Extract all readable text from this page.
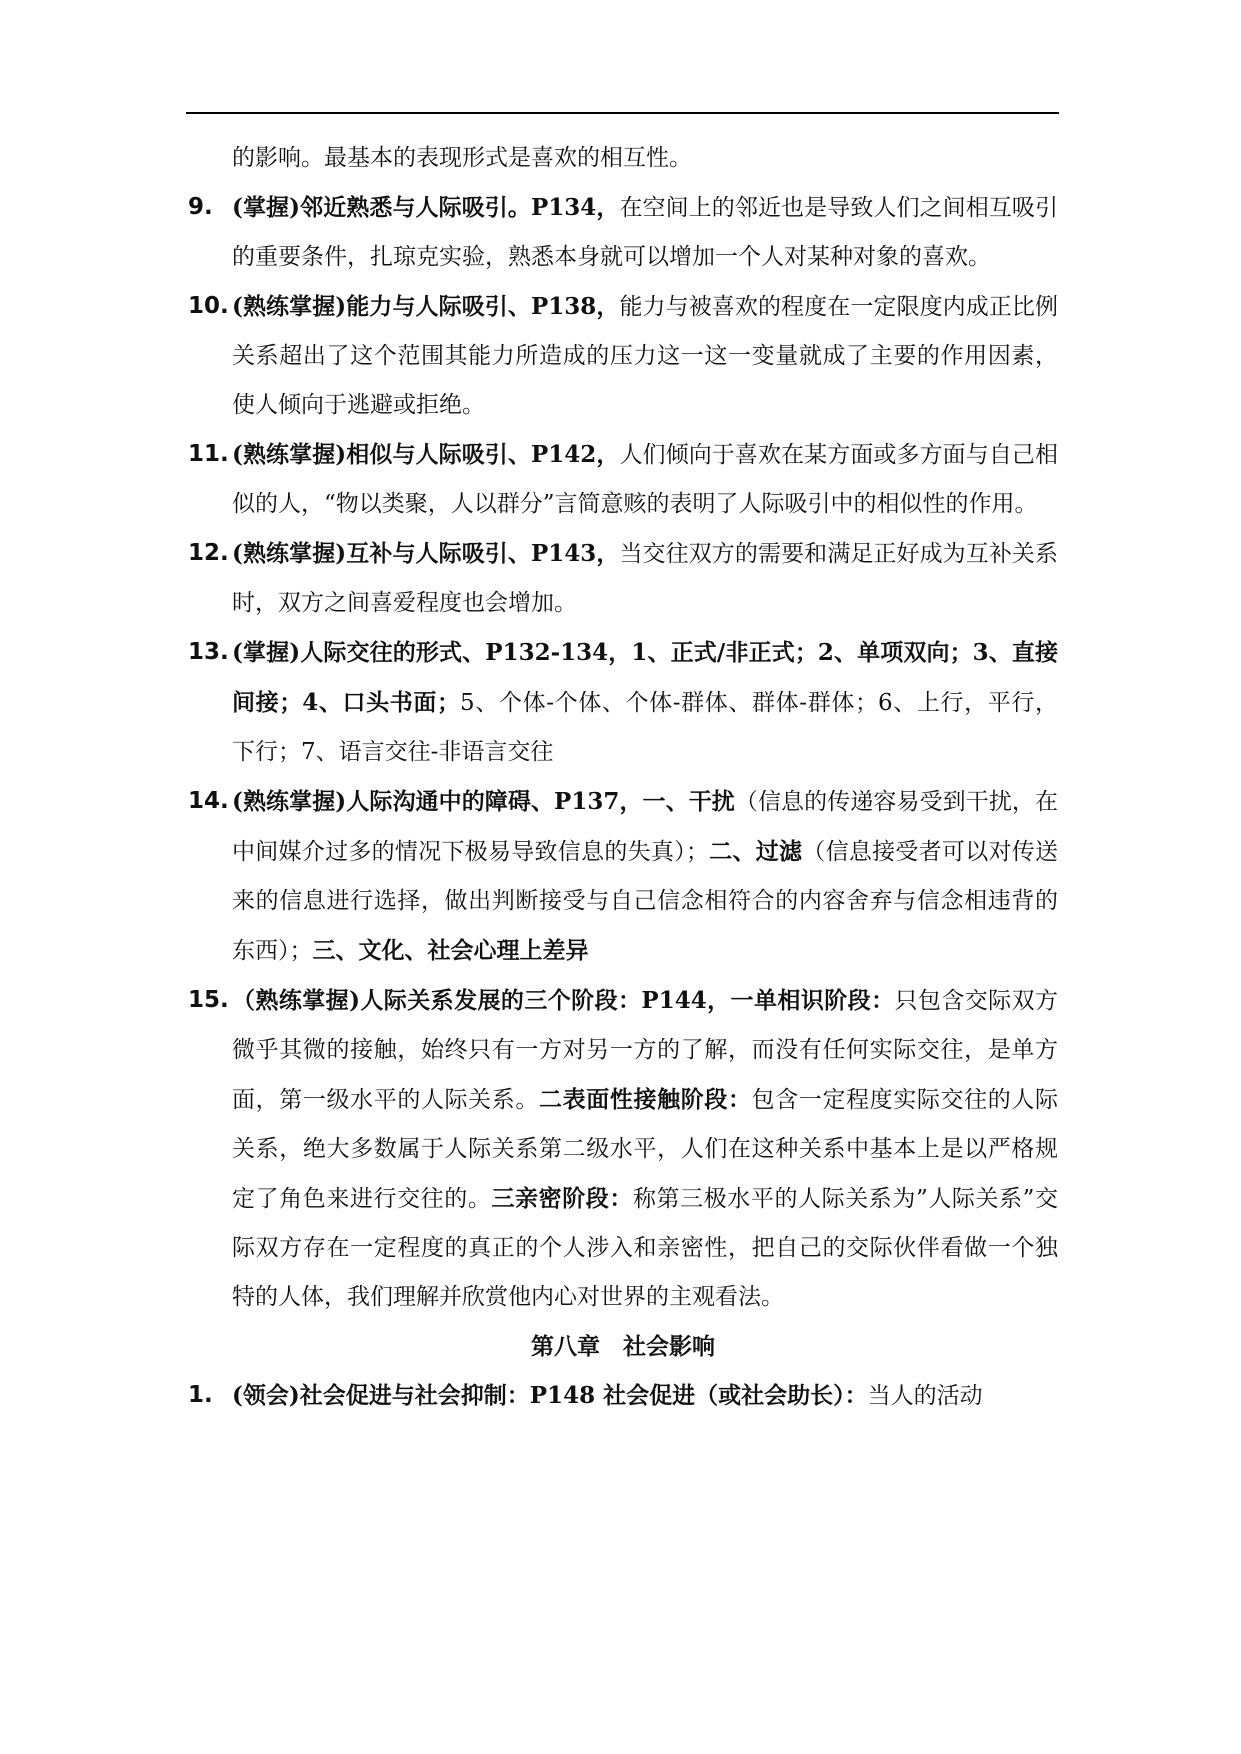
的影响。最基本的表现形式是喜欢的相互性。

9. (掌握)邻近熟悉与人际吸引。P134，在空间上的邻近也是导致人们之间相互吸引的重要条件，扎琼克实验，熟悉本身就可以增加一个人对某种对象的喜欢。

10. (熟练掌握)能力与人际吸引、P138，能力与被喜欢的程度在一定限度内成正比例关系超出了这个范围其能力所造成的压力这一这一变量就成了主要的作用因素，使人倾向于逃避或拒绝。

11. (熟练掌握)相似与人际吸引、P142，人们倾向于喜欢在某方面或多方面与自己相似的人，“物以类聚，人以群分”言简意赅的表明了人际吸引中的相似性的作用。

12. (熟练掌握)互补与人际吸引、P143，当交往双方的需要和满足正好成为互补关系时，双方之间喜爱程度也会增加。

13. (掌握)人际交往的形式、P132-134，1、正式/非正式；2、单项双向；3、直接间接；4、口头书面；5、个体-个体、个体-群体、群体-群体；6、上行，平行，下行；7、语言交往-非语言交往

14. (熟练掌握)人际沟通中的障碍、P137，一、干扰（信息的传递容易受到干扰，在中间媒介过多的情况下极易导致信息的失真）；二、过滤（信息接受者可以对传送来的信息进行选择，做出判断接受与自己信念相符合的内容舍弃与信念相违背的东西）；三、文化、社会心理上差异

15. （熟练掌握)人际关系发展的三个阶段：P144，一单相识阶段：只包含交际双方微乎其微的接触，始终只有一方对另一方的了解，而没有任何实际交往，是单方面，第一级水平的人际关系。二表面性接触阶段：包含一定程度实际交往的人际关系，绝大多数属于人际关系第二级水平，人们在这种关系中基本上是以严格规定了角色来进行交往的。三亲密阶段：称第三极水平的人际关系为”人际关系”交际双方存在一定程度的真正的个人涉入和亲密性，把自己的交际伙伴看做一个独特的人体，我们理解并欣赏他内心对世界的主观看法。

第八章　社会影响

1. (领会)社会促进与社会抑制：P148 社会促进（或社会助长）：当人的活动
